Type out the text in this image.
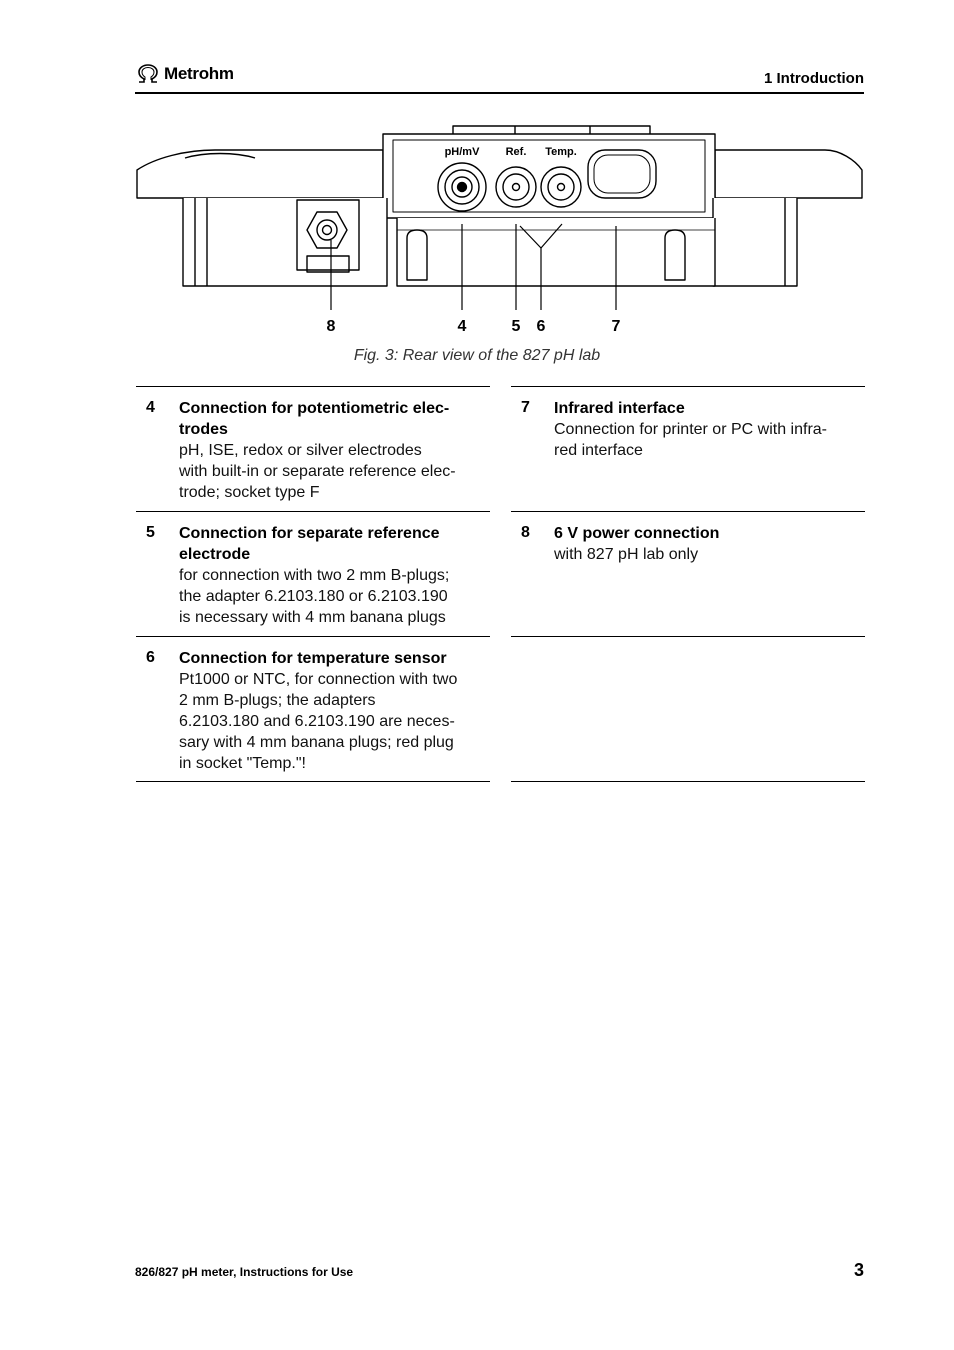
Metrohm	1 Introduction
pH/mV Ref. Temp.
8	4	5 6	7
Fig. 3: Rear view of the 827 pH lab
4 Connection for potentiometric elec-
trodes
pH, ISE, redox or silver electrodes
with built-in or separate reference elec-
trode; socket type F
5 Connection for separate reference
electrode
for connection with two 2 mm B-plugs;
the adapter 6.2103.180 or 6.2103.190
is necessary with 4 mm banana plugs
6 Connection for temperature sensor
Pt1000 or NTC, for connection with two
2 mm B-plugs; the adapters
6.2103.180 and 6.2103.190 are neces-
sary with 4 mm banana plugs; red plug
in socket "Temp."!
7 Infrared interface
Connection for printer or PC with infra-
red interface
8 6 V power connection
with 827 pH lab only
826/827 pH meter, Instructions for Use	3
